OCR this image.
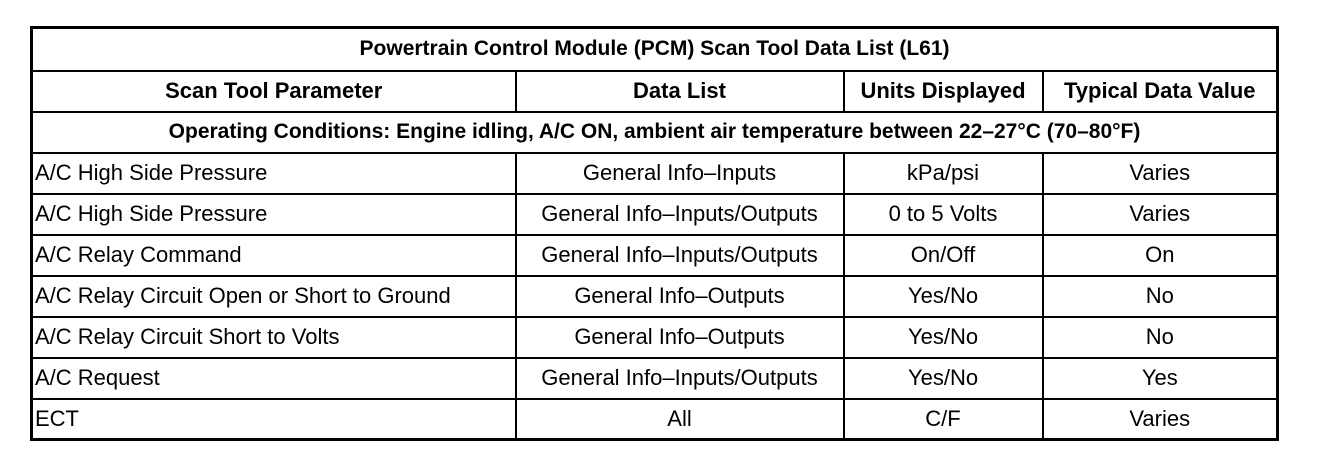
Powertrain Control Module (PCM) Scan Tool Data List (L61)			
Scan Tool Parameter	Data List	Units Displayed	Typical Data Value
Operating Conditions: Engine idling, A/C ON, ambient air temperature between 22–27°C (70–80°F)			
A/C High Side Pressure	General Info–Inputs	kPa/psi	Varies
A/C High Side Pressure	General Info–Inputs/Outputs	0 to 5 Volts	Varies
A/C Relay Command	General Info–Inputs/Outputs	On/Off	On
A/C Relay Circuit Open or Short to Ground	General Info–Outputs	Yes/No	No
A/C Relay Circuit Short to Volts	General Info–Outputs	Yes/No	No
A/C Request	General Info–Inputs/Outputs	Yes/No	Yes
ECT	All	C/F	Varies
